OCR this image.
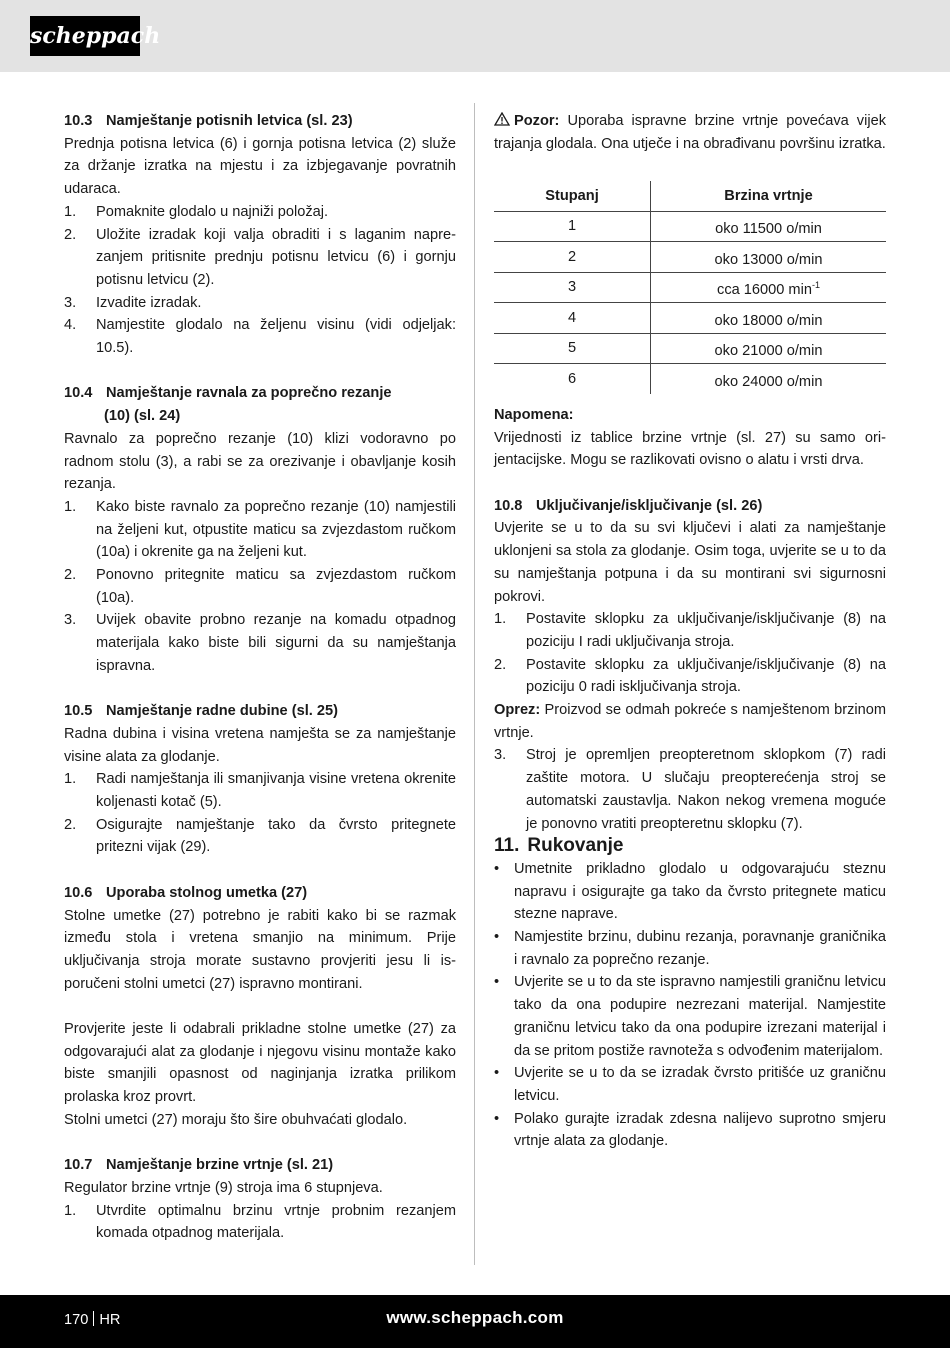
scheppach

10.3 Namještanje potisnih letvica (sl. 23)

Prednja potisna letvica (6) i gornja potisna letvica (2) služe za držanje izratka na mjestu i za izbjegavanje povratnih udaraca.

1. Pomaknite glodalo u najniži položaj.
2. Uložite izradak koji valja obraditi i s laganim naprezanjem pritisnite prednju potisnu letvicu (6) i gornju potisnu letvicu (2).
3. Izvadite izradak.
4. Namjestite glodalo na željenu visinu (vidi odjeljak: 10.5).

10.4 Namještanje ravnala za poprečno rezanje

(10) (sl. 24)

Ravnalo za poprečno rezanje (10) klizi vodoravno po radnom stolu (3), a rabi se za orezivanje i obavljanje kosih rezanja.

1. Kako biste ravnalo za poprečno rezanje (10) namjestili na željeni kut, otpustite maticu sa zvjezdastom ručkom (10a) i okrenite ga na željeni kut.
2. Ponovno pritegnite maticu sa zvjezdastom ručkom (10a).
3. Uvijek obavite probno rezanje na komadu otpadnog materijala kako biste bili sigurni da su namještanja ispravna.

10.5 Namještanje radne dubine (sl. 25)

Radna dubina i visina vretena namješta se za namještanje visine alata za glodanje.

1. Radi namještanja ili smanjivanja visine vretena okrenite koljenasti kotač (5).
2. Osigurajte namještanje tako da čvrsto pritegnete pritezni vijak (29).

10.6 Uporaba stolnog umetka (27)

Stolne umetke (27) potrebno je rabiti kako bi se razmak između stola i vretena smanjio na minimum. Prije uključivanja stroja morate sustavno provjeriti jesu li isporučeni stolni umetci (27) ispravno montirani.

Provjerite jeste li odabrali prikladne stolne umetke (27) za odgovarajući alat za glodanje i njegovu visinu montaže kako biste smanjili opasnost od naginjanja izratka prilikom prolaska kroz provrt.

Stolni umetci (27) moraju što šire obuhvaćati glodalo.

10.7 Namještanje brzine vrtnje (sl. 21)

Regulator brzine vrtnje (9) stroja ima 6 stupnjeva.

1. Utvrdite optimalnu brzinu vrtnje probnim rezanjem komada otpadnog materijala.

Pozor: Uporaba ispravne brzine vrtnje povećava vijek trajanja glodala. Ona utječe i na obrađivanu površinu izratka.

Stupanj	Brzina vrtnje
1	oko 11500 o/min
2	oko 13000 o/min
3	cca 16000 $\min^{-1}$
4	oko 18000 o/min
5	oko 21000 o/min
6	oko 24000 o/min

Napomena:

Vrijednosti iz tablice brzine vrtnje (sl. 27) su samo orijentacijske. Mogu se razlikovati ovisno o alatu i vrsti drva.

10.8 Uključivanje/isključivanje (sl. 26)

Uvjerite se u to da su svi ključevi i alati za namještanje uklonjeni sa stola za glodanje. Osim toga, uvjerite se u to da su namještanja potpuna i da su montirani svi sigurnosni pokrovi.

1. Postavite sklopku za uključivanje/isključivanje (8) na poziciju I radi uključivanja stroja.
2. Postavite sklopku za uključivanje/isključivanje (8) na poziciju 0 radi isključivanja stroja.

Oprez: Proizvod se odmah pokreće s namještenom brzinom vrtnje.

3. Stroj je opremljen preopteretnom sklopkom (7) radi zaštite motora. U slučaju preopterećenja stroj se automatski zaustavlja. Nakon nekog vremena moguće je ponovno vratiti preopteretnu sklopku (7).

11. Rukovanje

• Umetnite prikladno glodalo u odgovarajuću steznu napravu i osigurajte ga tako da čvrsto pritegnete maticu stezne naprave.
• Namjestite brzinu, dubinu rezanja, poravnanje graničnika i ravnalo za poprečno rezanje.
• Uvjerite se u to da ste ispravno namjestili graničnu letvicu tako da ona podupire nezrezani materijal. Namjestite graničnu letvicu tako da ona podupire izrezani materijal i da se pritom postiže ravnoteža s odvođenim materijalom.
• Uvjerite se u to da se izradak čvrsto pritišće uz graničnu letvicu.
• Polako gurajte izradak zdesna nalijevo suprotno smjeru vrtnje alata za glodanje.
170 HR	www.scheppach.com
